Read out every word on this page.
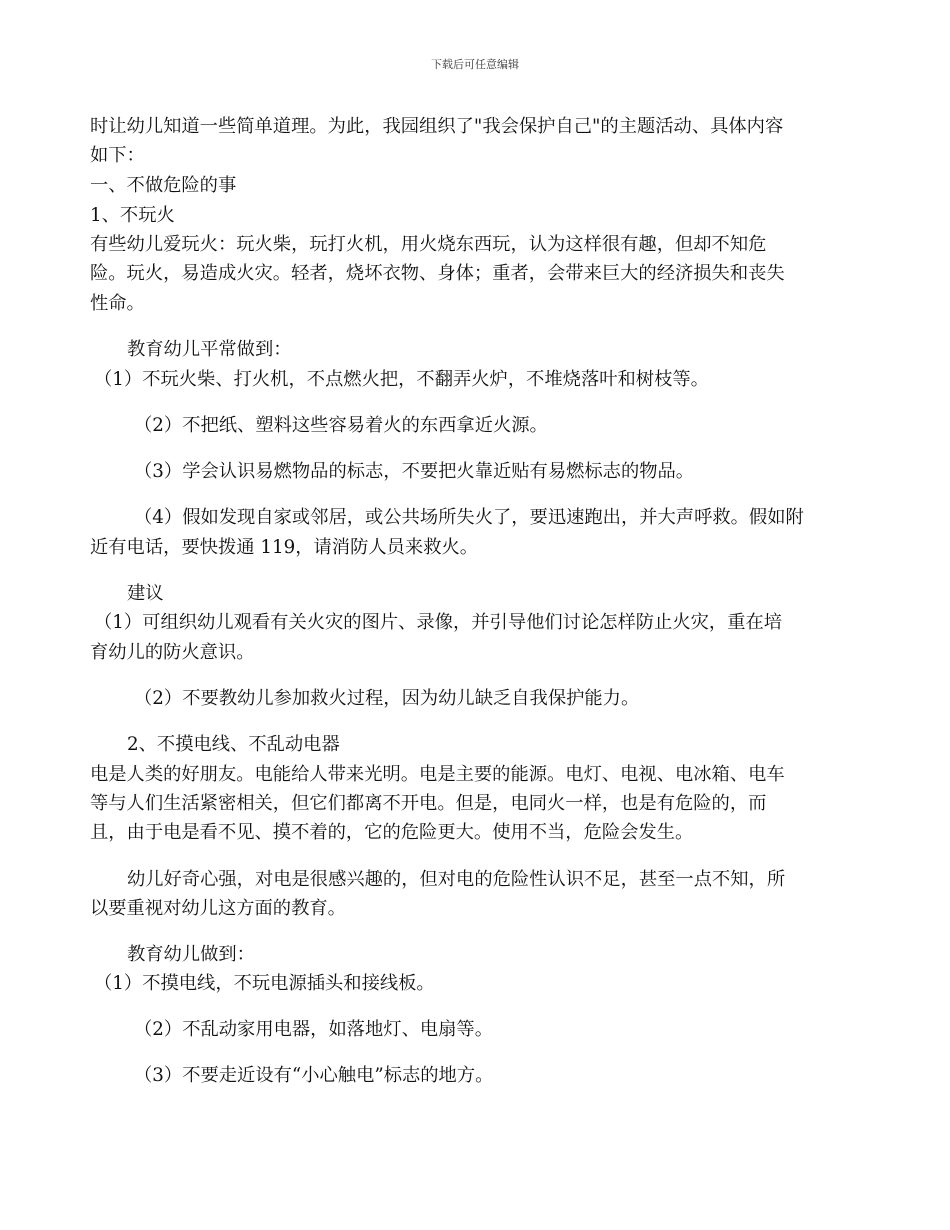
下载后可任意编辑
时让幼儿知道一些简单道理。为此，我园组织了"我会保护自己"的主题活动、具体内容
如下：
一、不做危险的事
1、不玩火
有些幼儿爱玩火：玩火柴，玩打火机，用火烧东西玩，认为这样很有趣，但却不知危
险。玩火，易造成火灾。轻者，烧坏衣物、身体；重者，会带来巨大的经济损失和丧失
性命。
教育幼儿平常做到：
（1）不玩火柴、打火机，不点燃火把，不翻弄火炉，不堆烧落叶和树枝等。
（2）不把纸、塑料这些容易着火的东西拿近火源。
（3）学会认识易燃物品的标志，不要把火靠近贴有易燃标志的物品。
（4）假如发现自家或邻居，或公共场所失火了，要迅速跑出，并大声呼救。假如附
近有电话，要快拨通 119，请消防人员来救火。
建议
（1）可组织幼儿观看有关火灾的图片、录像，并引导他们讨论怎样防止火灾，重在培
育幼儿的防火意识。
（2）不要教幼儿参加救火过程，因为幼儿缺乏自我保护能力。
2、不摸电线、不乱动电器
电是人类的好朋友。电能给人带来光明。电是主要的能源。电灯、电视、电冰箱、电车
等与人们生活紧密相关，但它们都离不开电。但是，电同火一样，也是有危险的，而
且，由于电是看不见、摸不着的，它的危险更大。使用不当，危险会发生。
幼儿好奇心强，对电是很感兴趣的，但对电的危险性认识不足，甚至一点不知，所
以要重视对幼儿这方面的教育。
教育幼儿做到：
（1）不摸电线，不玩电源插头和接线板。
（2）不乱动家用电器，如落地灯、电扇等。
（3）不要走近设有“小心触电”标志的地方。
